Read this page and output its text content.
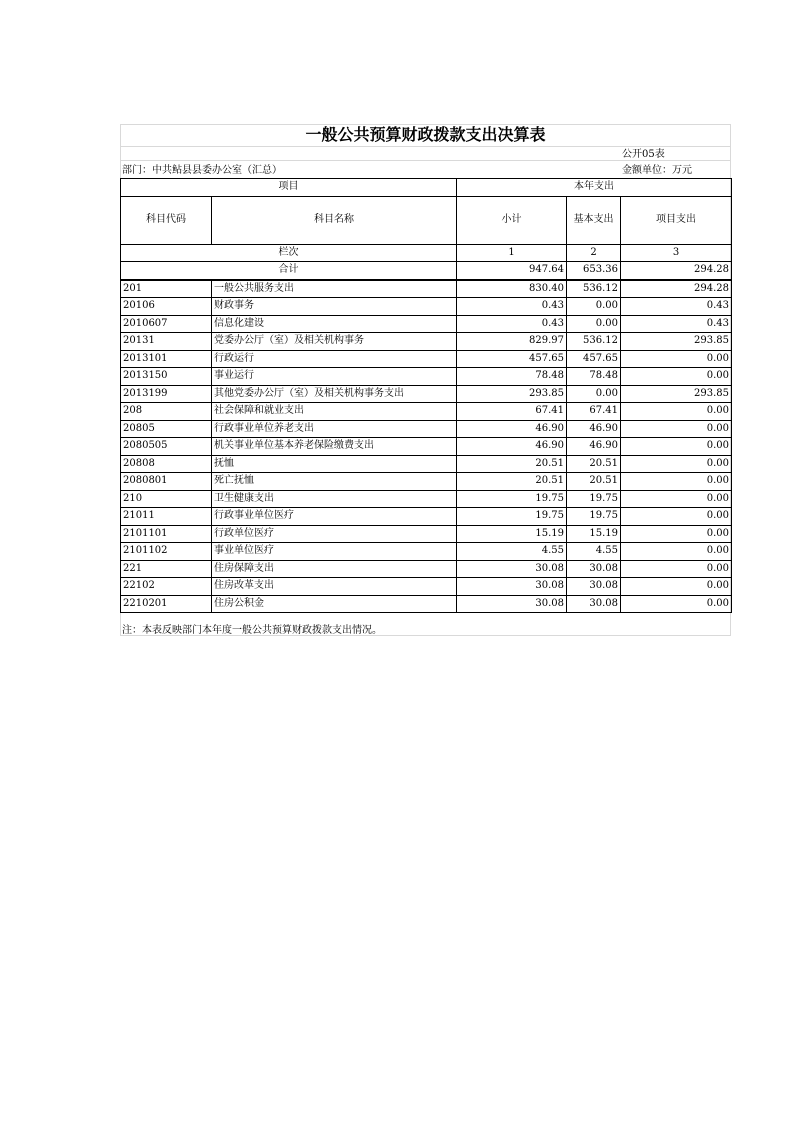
一般公共预算财政拨款支出决算表
公开05表
部门：中共鲇县县委办公室（汇总）	金额单位：万元
项目		本年支出		
科目代码	科目名称	小计	基本支出	项目支出
栏次		1	2	3
合计		947.64	653.36	294.28
201	一般公共服务支出	830.40	536.12	294.28
20106	财政事务	0.43	0.00	0.43
2010607	信息化建设	0.43	0.00	0.43
20131	党委办公厅（室）及相关机构事务	829.97	536.12	293.85
2013101	行政运行	457.65	457.65	0.00
2013150	事业运行	78.48	78.48	0.00
2013199	其他党委办公厅（室）及相关机构事务支出	293.85	0.00	293.85
208	社会保障和就业支出	67.41	67.41	0.00
20805	行政事业单位养老支出	46.90	46.90	0.00
2080505	机关事业单位基本养老保险缴费支出	46.90	46.90	0.00
20808	抚恤	20.51	20.51	0.00
2080801	死亡抚恤	20.51	20.51	0.00
210	卫生健康支出	19.75	19.75	0.00
21011	行政事业单位医疗	19.75	19.75	0.00
2101101	行政单位医疗	15.19	15.19	0.00
2101102	事业单位医疗	4.55	4.55	0.00
221	住房保障支出	30.08	30.08	0.00
22102	住房改革支出	30.08	30.08	0.00
2210201	住房公积金	30.08	30.08	0.00
注：本表反映部门本年度一般公共预算财政拨款支出情况。
